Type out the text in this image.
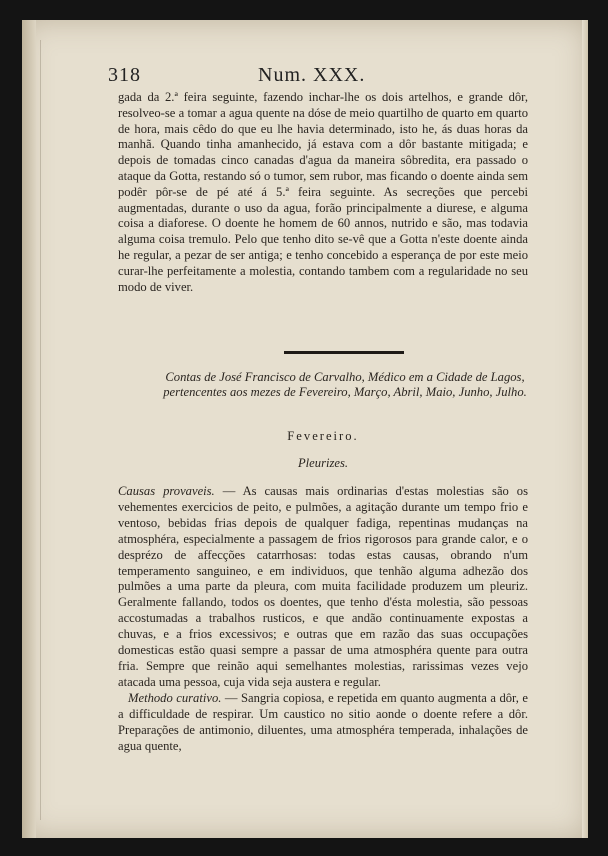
318	Num. XXX.

gada da 2.ª feira seguinte, fazendo inchar-lhe os dois artelhos, e grande dôr, resolveo-se a tomar a agua quente na dóse de meio quartilho de quarto em quarto de hora, mais cêdo do que eu lhe havia determinado, isto he, ás duas horas da manhã. Quando tinha amanhecido, já estava com a dôr bastante mitigada; e depois de tomadas cinco canadas d'agua da maneira sôbredita, era passado o ataque da Gotta, restando só o tumor, sem rubor, mas ficando o doente ainda sem podêr pôr-se de pé até á 5.ª feira seguinte. As secreções que percebi augmentadas, durante o uso da agua, forão principalmente a diurese, e alguma coisa a diaforese. O doente he homem de 60 annos, nutrido e são, mas todavia alguma coisa tremulo. Pelo que tenho dito se-vê que a Gotta n'este doente ainda he regular, a pezar de ser antiga; e tenho concebido a esperança de por este meio curar-lhe perfeitamente a molestia, contando tambem com a regularidade no seu modo de viver.

Contas de José Francisco de Carvalho, Médico em a Cidade de Lagos, pertencentes aos mezes de Fevereiro, Março, Abril, Maio, Junho, Julho.
Fevereiro.
Pleurizes.

Causas provaveis. — As causas mais ordinarias d'estas molestias são os vehementes exercicios de peito, e pulmões, a agitação durante um tempo frio e ventoso, bebidas frias depois de qualquer fadiga, repentinas mudanças na atmosphéra, especialmente a passagem de frios rigorosos para grande calor, e o desprézo de affecções catarrhosas: todas estas causas, obrando n'um temperamento sanguineo, e em individuos, que tenhão alguma adhezão dos pulmões a uma parte da pleura, com muita facilidade produzem um pleuriz. Geralmente fallando, todos os doentes, que tenho d'ésta molestia, são pessoas accostumadas a trabalhos rusticos, e que andão continuamente expostas a chuvas, e a frios excessivos; e outras que em razão das suas occupações domesticas estão quasi sempre a passar de uma atmosphéra quente para outra fria. Sempre que reinão aqui semelhantes molestias, rarissimas vezes vejo atacada uma pessoa, cuja vida seja austera e regular.

Methodo curativo. — Sangria copiosa, e repetida em quanto augmenta a dôr, e a difficuldade de respirar. Um caustico no sitio aonde o doente refere a dôr. Preparações de antimonio, diluentes, uma atmosphéra temperada, inhalações de agua quente,
